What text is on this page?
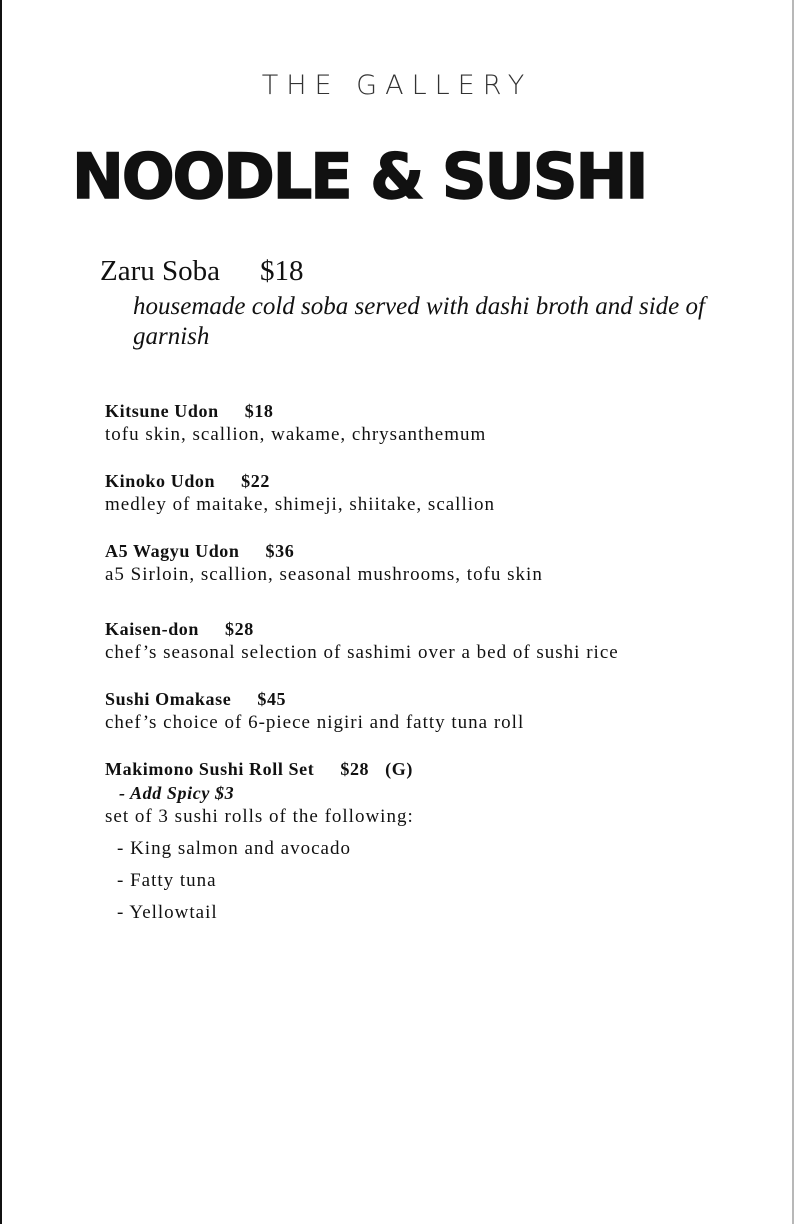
THE GALLERY
NOODLE & SUSHI
Zaru Soba $18
housemade cold soba served with dashi broth and side of garnish
Kitsune Udon $18
tofu skin, scallion, wakame, chrysanthemum
Kinoko Udon $22
medley of maitake, shimeji, shiitake, scallion
A5 Wagyu Udon $36
a5 Sirloin, scallion, seasonal mushrooms, tofu skin
Kaisen-don $28
chef’s seasonal selection of sashimi over a bed of sushi rice
Sushi Omakase $45
chef’s choice of 6-piece nigiri and fatty tuna roll
Makimono Sushi Roll Set $28 (G)
- Add Spicy $3
set of 3 sushi rolls of the following:
- King salmon and avocado
- Fatty tuna
- Yellowtail
